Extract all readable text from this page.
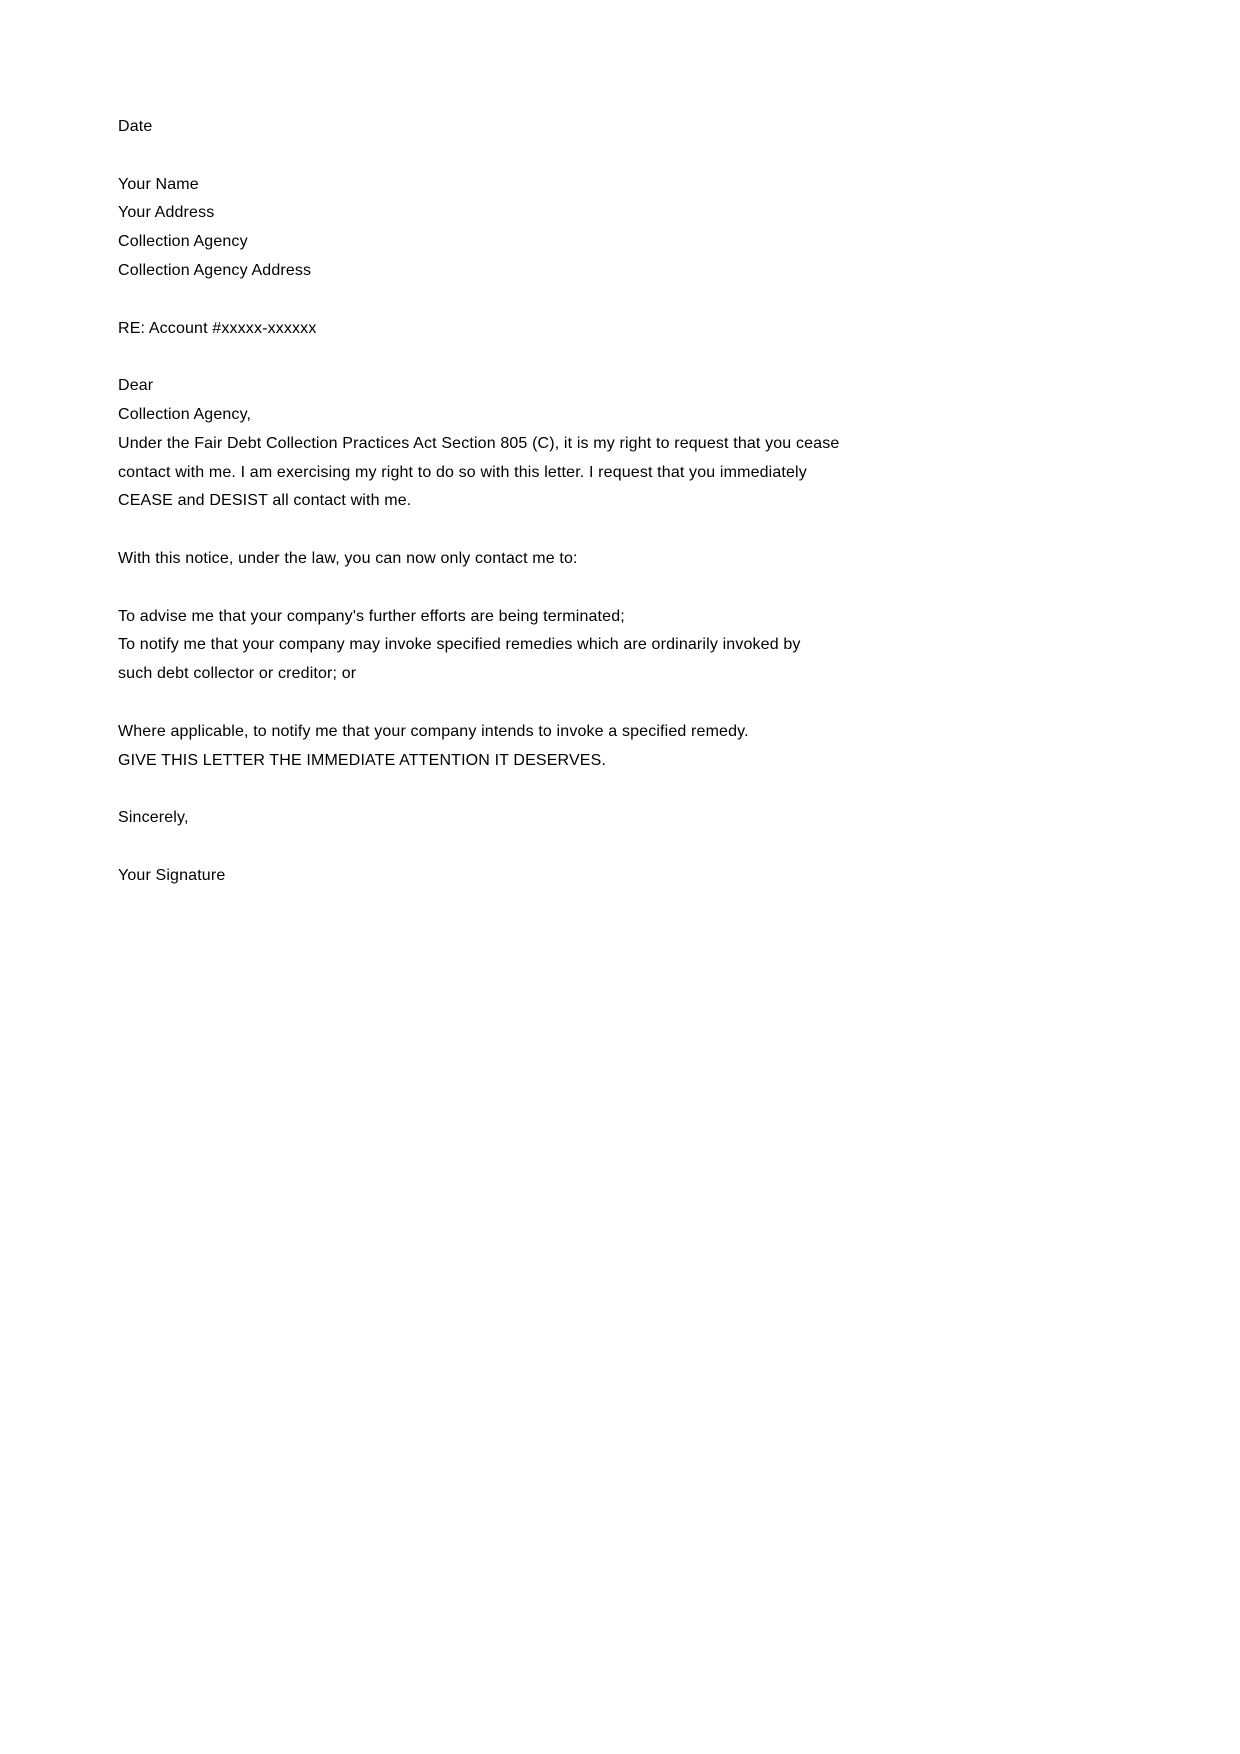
Date
Your Name
Your Address
Collection Agency
Collection Agency Address
RE: Account #xxxxx-xxxxxx
Dear
Collection Agency,
Under the Fair Debt Collection Practices Act Section 805 (C), it is my right to request that you cease
contact with me. I am exercising my right to do so with this letter. I request that you immediately
CEASE and DESIST all contact with me.
With this notice, under the law, you can now only contact me to:
To advise me that your company's further efforts are being terminated;
To notify me that your company may invoke specified remedies which are ordinarily invoked by
such debt collector or creditor; or
Where applicable, to notify me that your company intends to invoke a specified remedy.
GIVE THIS LETTER THE IMMEDIATE ATTENTION IT DESERVES.
Sincerely,
Your Signature
